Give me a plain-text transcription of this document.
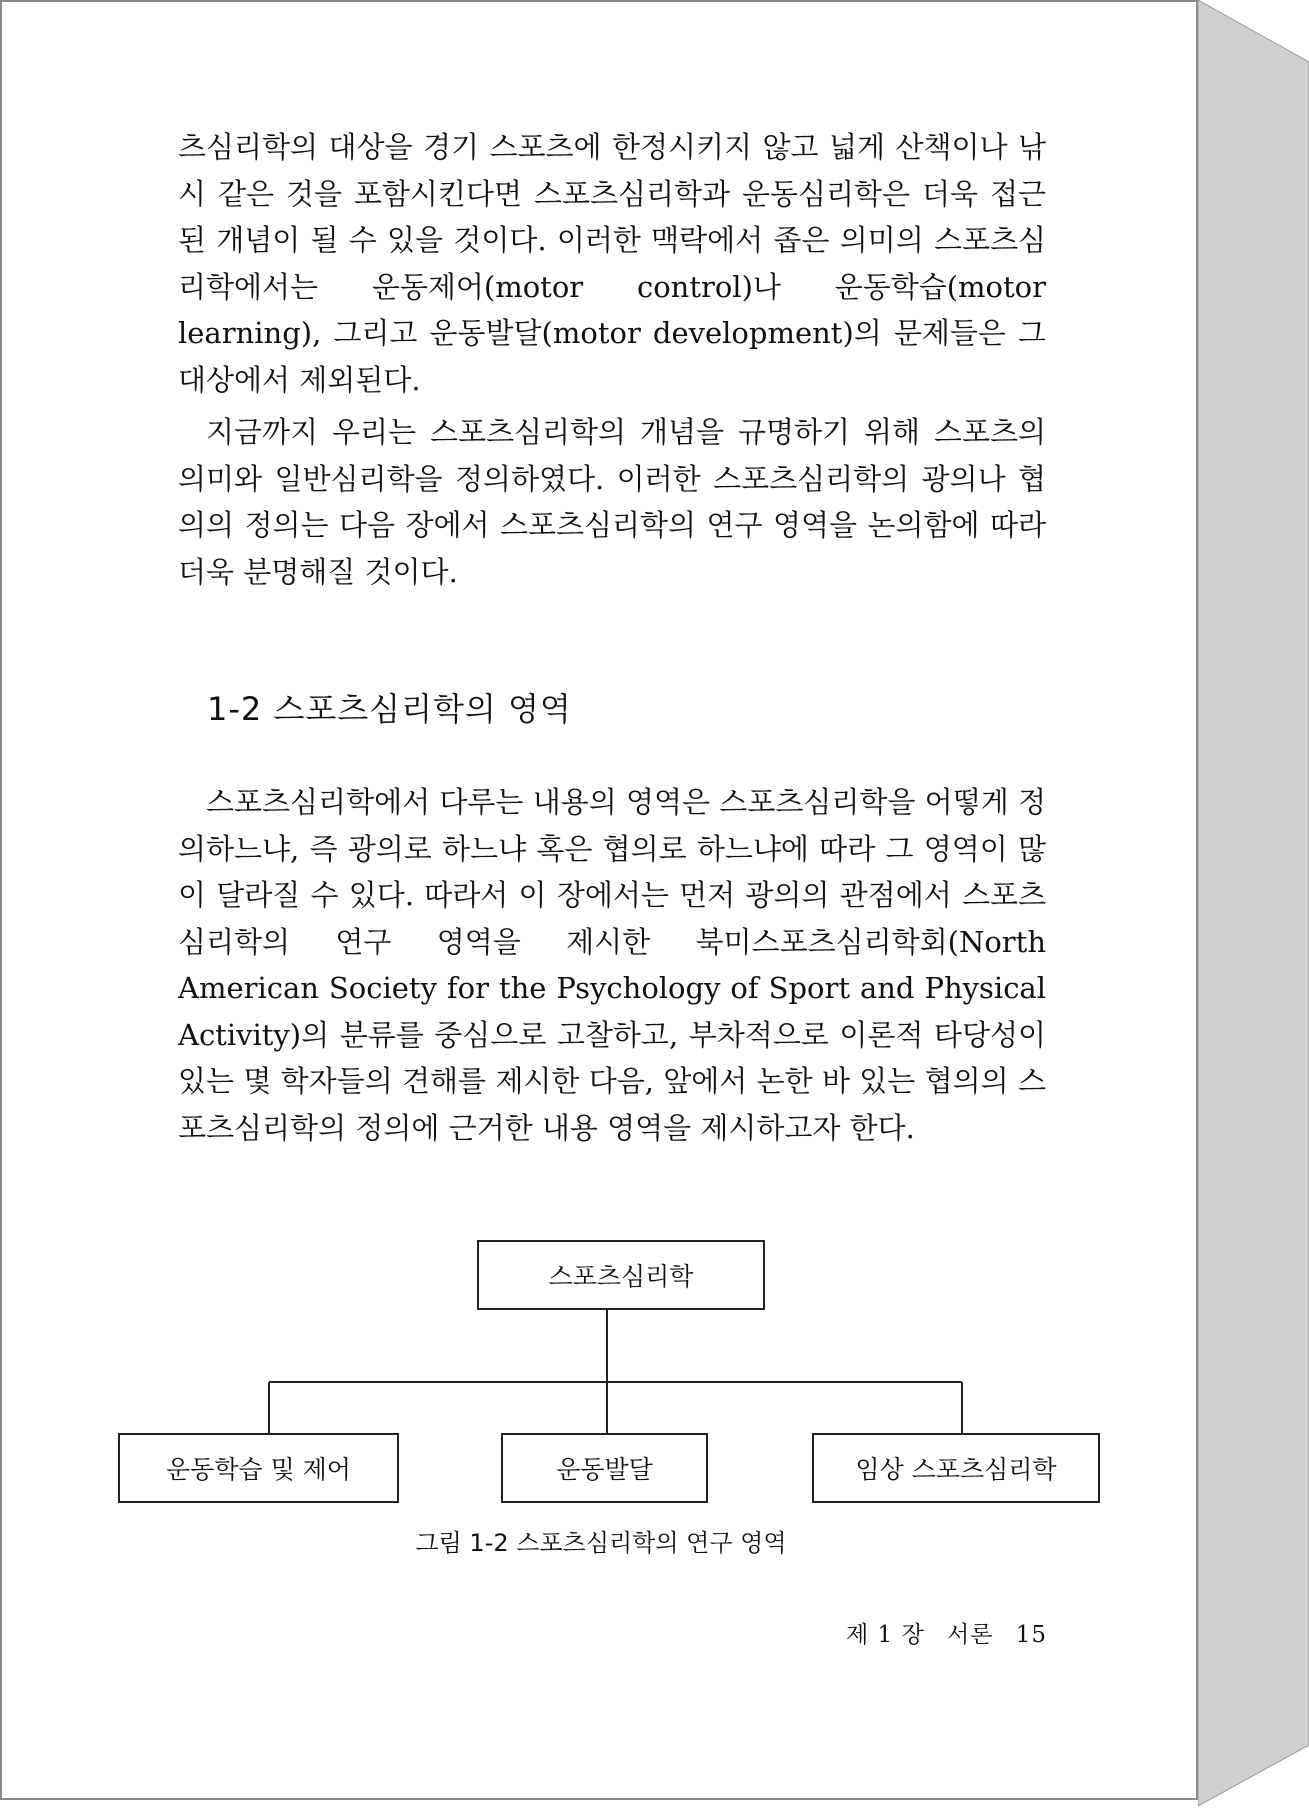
츠심리학의 대상을 경기 스포츠에 한정시키지 않고 넓게 산책이나 낚시 같은 것을 포함시킨다면 스포츠심리학과 운동심리학은 더욱 접근된 개념이 될 수 있을 것이다. 이러한 맥락에서 좁은 의미의 스포츠심리학에서는 운동제어(motor control)나 운동학습(motor learning), 그리고 운동발달(motor development)의 문제들은 그 대상에서 제외된다.

지금까지 우리는 스포츠심리학의 개념을 규명하기 위해 스포츠의 의미와 일반심리학을 정의하였다. 이러한 스포츠심리학의 광의나 협의의 정의는 다음 장에서 스포츠심리학의 연구 영역을 논의함에 따라 더욱 분명해질 것이다.

1-2 스포츠심리학의 영역

스포츠심리학에서 다루는 내용의 영역은 스포츠심리학을 어떻게 정의하느냐, 즉 광의로 하느냐 혹은 협의로 하느냐에 따라 그 영역이 많이 달라질 수 있다. 따라서 이 장에서는 먼저 광의의 관점에서 스포츠심리학의 연구 영역을 제시한 북미스포츠심리학회(North American Society for the Psychology of Sport and Physical Activity)의 분류를 중심으로 고찰하고, 부차적으로 이론적 타당성이 있는 몇 학자들의 견해를 제시한 다음, 앞에서 논한 바 있는 협의의 스포츠심리학의 정의에 근거한 내용 영역을 제시하고자 한다.

스포츠심리학
운동학습 및 제어	운동발달	임상 스포츠심리학

그림 1-2 스포츠심리학의 연구 영역

제 1 장 서론 15
